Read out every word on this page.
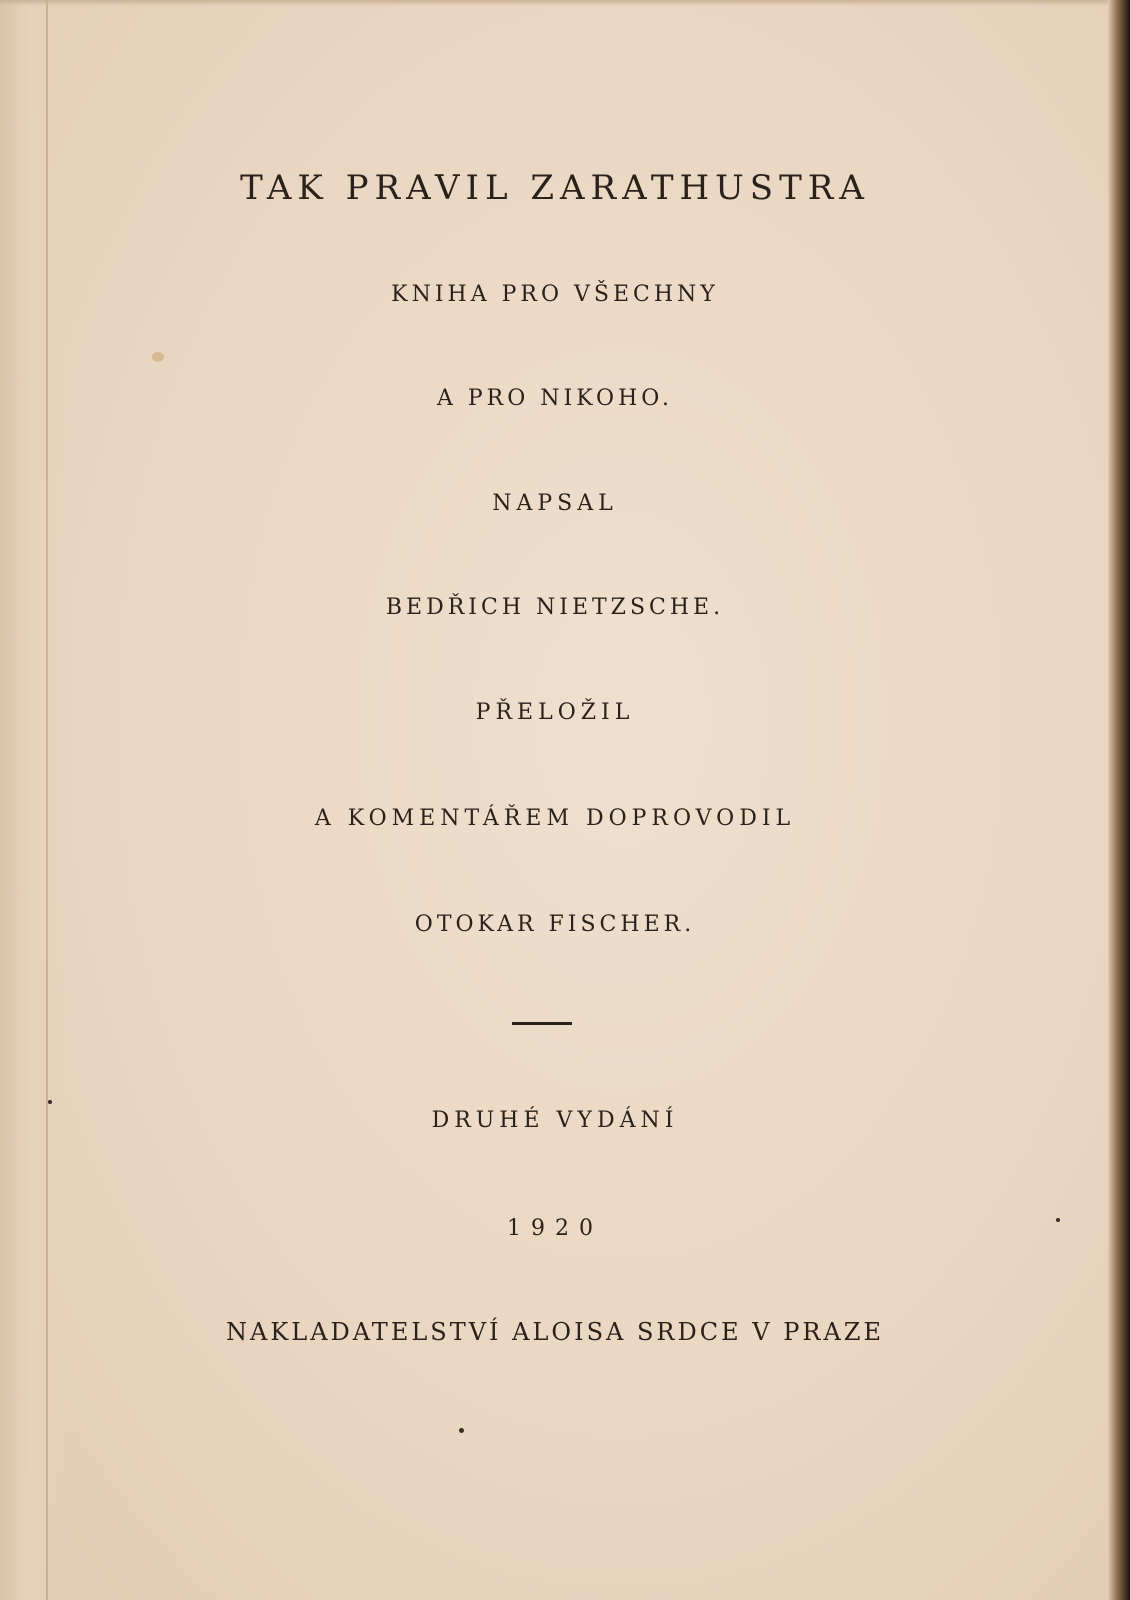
TAK PRAVIL ZARATHUSTRA

KNIHA PRO VŠECHNY

A PRO NIKOHO.

NAPSAL

BEDŘICH NIETZSCHE.

PŘELOŽIL

A KOMENTÁŘEM DOPROVODIL

OTOKAR FISCHER.

DRUHÉ VYDÁNÍ

1920

NAKLADATELSTVÍ ALOISA SRDCE V PRAZE
